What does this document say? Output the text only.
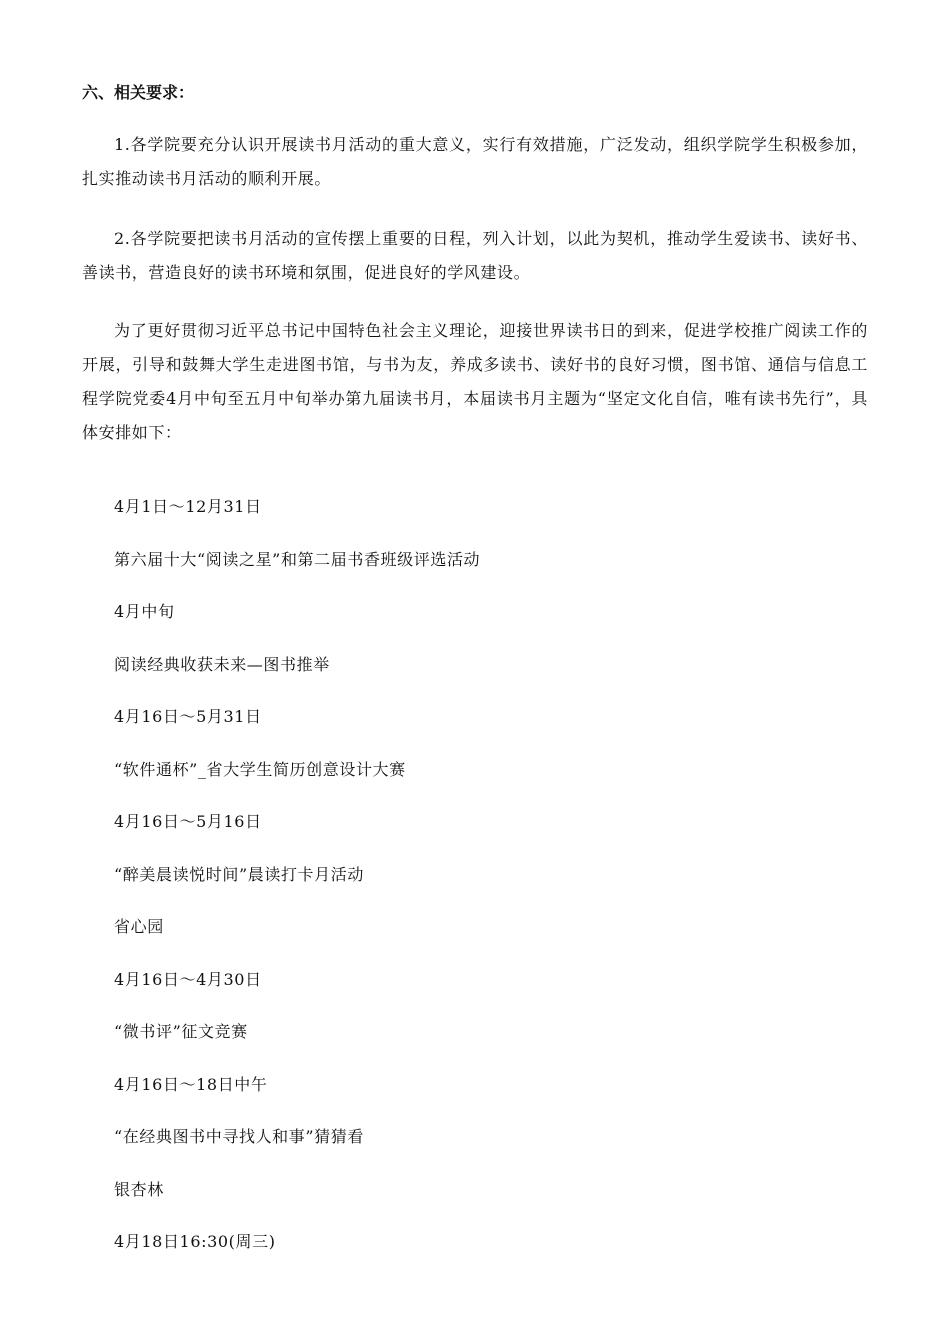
六、相关要求：

1.各学院要充分认识开展读书月活动的重大意义，实行有效措施，广泛发动，组织学院学生积极参加，扎实推动读书月活动的顺利开展。

2.各学院要把读书月活动的宣传摆上重要的日程，列入计划，以此为契机，推动学生爱读书、读好书、善读书，营造良好的读书环境和氛围，促进良好的学风建设。

为了更好贯彻习近平总书记中国特色社会主义理论，迎接世界读书日的到来，促进学校推广阅读工作的开展，引导和鼓舞大学生走进图书馆，与书为友，养成多读书、读好书的良好习惯，图书馆、通信与信息工程学院党委4月中旬至五月中旬举办第九届读书月，本届读书月主题为“坚定文化自信，唯有读书先行”，具体安排如下：

4月1日～12月31日

第六届十大“阅读之星”和第二届书香班级评选活动

4月中旬

阅读经典收获未来—图书推举

4月16日～5月31日

“软件通杯”_省大学生简历创意设计大赛

4月16日～5月16日

“醉美晨读悦时间”晨读打卡月活动

省心园

4月16日～4月30日

“微书评”征文竞赛

4月16日～18日中午

“在经典图书中寻找人和事”猜猜看

银杏林

4月18日16:30(周三)
